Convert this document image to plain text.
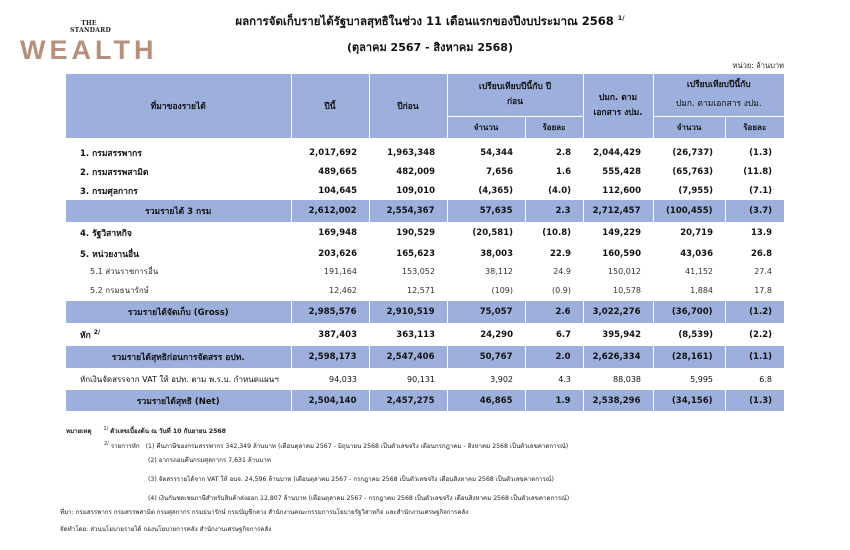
THE STANDARD
WEALTH
ผลการจัดเก็บรายได้รัฐบาลสุทธิในช่วง 11 เดือนแรกของปีงบประมาณ 2568 $^{1/}$
(ตุลาคม 2567 - สิงหาคม 2568)
หน่วย: ล้านบาท
ที่มาของรายได้	ปีนี้	ปีก่อน	เปรียบเทียบปีนี้กับ ปีก่อน		ปมก. ตาม เอกสาร งปม.	เปรียบเทียบปีนี้กับ
ปมก. ตามเอกสาร งปม.	

			จำนวน	ร้อยละ		จำนวน	ร้อยละ
1. กรมสรรพากร	2,017,692	1,963,348	54,344	2.8	2,044,429	(26,737)	(1.3)
2. กรมสรรพสามิต	489,665	482,009	7,656	1.6	555,428	(65,763)	(11.8)
3. กรมศุลกากร	104,645	109,010	(4,365)	(4.0)	112,600	(7,955)	(7.1)
รวมรายได้ 3 กรม	2,612,002	2,554,367	57,635	2.3	2,712,457	(100,455)	(3.7)
4. รัฐวิสาหกิจ	169,948	190,529	(20,581)	(10.8)	149,229	20,719	13.9
5. หน่วยงานอื่น	203,626	165,623	38,003	22.9	160,590	43,036	26.8
5.1 ส่วนราชการอื่น	191,164	153,052	38,112	24.9	150,012	41,152	27.4
5.2 กรมธนารักษ์	12,462	12,571	(109)	(0.9)	10,578	1,884	17.8
รวมรายได้จัดเก็บ (Gross)	2,985,576	2,910,519	75,057	2.6	3,022,276	(36,700)	(1.2)
หัก $^{2/}$	387,403	363,113	24,290	6.7	395,942	(8,539)	(2.2)
รวมรายได้สุทธิก่อนการจัดสรร อปท.	2,598,173	2,547,406	50,767	2.0	2,626,334	(28,161)	(1.1)
หักเงินจัดสรรจาก VAT ให้ อปท. ตาม พ.ร.บ. กำหนดแผนฯ	94,033	90,131	3,902	4.3	88,038	5,995	6.8
รวมรายได้สุทธิ (Net)	2,504,140	2,457,275	46,865	1.9	2,538,296	(34,156)	(1.3)
หมายเหตุ $^{1/}$ ตัวเลขเบื้องต้น ณ วันที่ 10 กันยายน 2568
$^{2/}$ รายการหัก (1) คืนภาษีของกรมสรรพากร 342,349 ล้านบาท (เดือนตุลาคม 2567 - มิถุนายน 2568 เป็นตัวเลขจริง เดือนกรกฎาคม - สิงหาคม 2568 เป็นตัวเลขคาดการณ์)
(2) อากรถอนคืนกรมศุลกากร 7,631 ล้านบาท
(3) จัดสรรรายได้จาก VAT ให้ อบจ. 24,596 ล้านบาท (เดือนตุลาคม 2567 - กรกฎาคม 2568 เป็นตัวเลขจริง เดือนสิงหาคม 2568 เป็นตัวเลขคาดการณ์)
(4) เงินกันชดเชยภาษีสำหรับสินค้าส่งออก 12,807 ล้านบาท (เดือนตุลาคม 2567 - กรกฎาคม 2568 เป็นตัวเลขจริง เดือนสิงหาคม 2568 เป็นตัวเลขคาดการณ์)
ที่มา: กรมสรรพากร กรมสรรพสามิต กรมศุลกากร กรมธนารักษ์ กรมบัญชีกลาง สำนักงานคณะกรรมการนโยบายรัฐวิสาหกิจ และสำนักงานเศรษฐกิจการคลัง
จัดทำโดย: ส่วนนโยบายรายได้ กองนโยบายการคลัง สำนักงานเศรษฐกิจการคลัง
